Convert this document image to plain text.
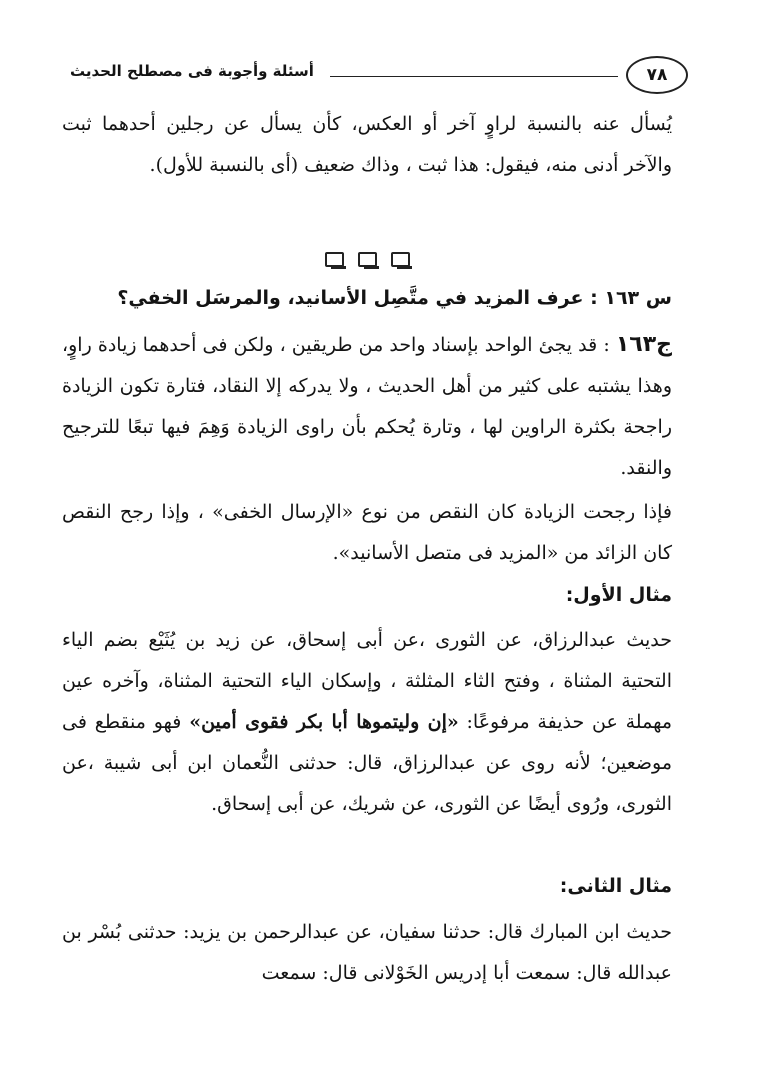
أسئلة وأجوبة فى مصطلح الحديث	٧٨

يُسأل عنه بالنسبة لراوٍ آخر أو العكس، كأن يسأل عن رجلين أحدهما ثبت والآخر أدنى منه، فيقول: هذا ثبت ، وذاك ضعيف (أى بالنسبة للأول).

س ١٦٣ : عرف المزيد في متَّصِل الأسانيد، والمرسَل الخفي؟

ج١٦٣ : قد يجئ الواحد بإسناد واحد من طريقين ، ولكن فى أحدهما زيادة راوٍ، وهذا يشتبه على كثير من أهل الحديث ، ولا يدركه إلا النقاد، فتارة تكون الزيادة راجحة بكثرة الراوين لها ، وتارة يُحكم بأن راوى الزيادة وَهِمَ فيها تبعًا للترجيح والنقد.

فإذا رجحت الزيادة كان النقص من نوع «الإرسال الخفى» ، وإذا رجح النقص كان الزائد من «المزيد فى متصل الأسانيد».

مثال الأول:

حديث عبدالرزاق، عن الثورى ،عن أبى إسحاق، عن زيد بن يُثَيْع بضم الياء التحتية المثناة ، وفتح الثاء المثلثة ، وإسكان الياء التحتية المثناة، وآخره عين مهملة عن حذيفة مرفوعًا: «إن وليتموها أبا بكر فقوى أمين» فهو منقطع فى موضعين؛ لأنه روى عن عبدالرزاق، قال: حدثنى النُّعمان ابن أبى شيبة ،عن الثورى، ورُوى أيضًا عن الثورى، عن شريك، عن أبى إسحاق.

مثال الثانى:

حديث ابن المبارك قال: حدثنا سفيان، عن عبدالرحمن بن يزيد: حدثنى بُسْر بن عبدالله قال: سمعت أبا إدريس الخَوْلانى قال: سمعت
